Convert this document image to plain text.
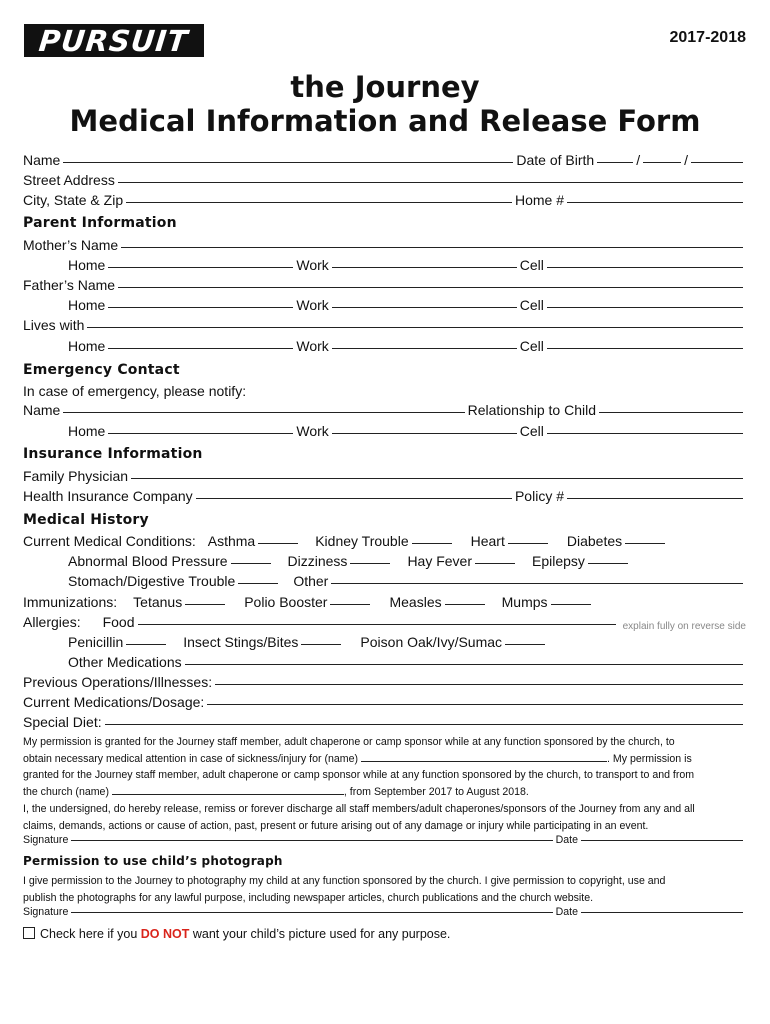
PURSUIT	2017-2018
the Journey
Medical Information and Release Form
Name	Date of Birth	/	/
Street Address
City, State & Zip	Home #
Parent Information
Mother’s Name
Home	Work	Cell
Father’s Name
Home	Work	Cell
Lives with
Home	Work	Cell
Emergency Contact
In case of emergency, please notify:
Name	Relationship to Child
Home	Work	Cell
Insurance Information
Family Physician
Health Insurance Company	Policy #
Medical History
Current Medical Conditions: Asthma	Kidney Trouble	Heart	Diabetes
Abnormal Blood Pressure	Dizziness	Hay Fever	Epilepsy
Stomach/Digestive Trouble	Other
Immunizations: Tetanus	Polio Booster	Measles	Mumps
Allergies: Food	explain fully on reverse side
Penicillin	Insect Stings/Bites	Poison Oak/Ivy/Sumac
Other Medications
Previous Operations/Illnesses:
Current Medications/Dosage:
Special Diet:
My permission is granted for the Journey staff member, adult chaperone or camp sponsor while at any function sponsored by the church, to
obtain necessary medical attention in case of sickness/injury for (name)	. My permission is
granted for the Journey staff member, adult chaperone or camp sponsor while at any function sponsored by the church, to transport to and from
the church (name)	, from September 2017 to August 2018.
I, the undersigned, do hereby release, remiss or forever discharge all staff members/adult chaperones/sponsors of the Journey from any and all
claims, demands, actions or cause of action, past, present or future arising out of any damage or injury while participating in an event.
Signature	Date
Permission to use child’s photograph
I give permission to the Journey to photography my child at any function sponsored by the church. I give permission to copyright, use and
publish the photographs for any lawful purpose, including newspaper articles, church publications and the church website.
Signature	Date
Check here if you
DO NOT
want your child’s picture used for any purpose.
